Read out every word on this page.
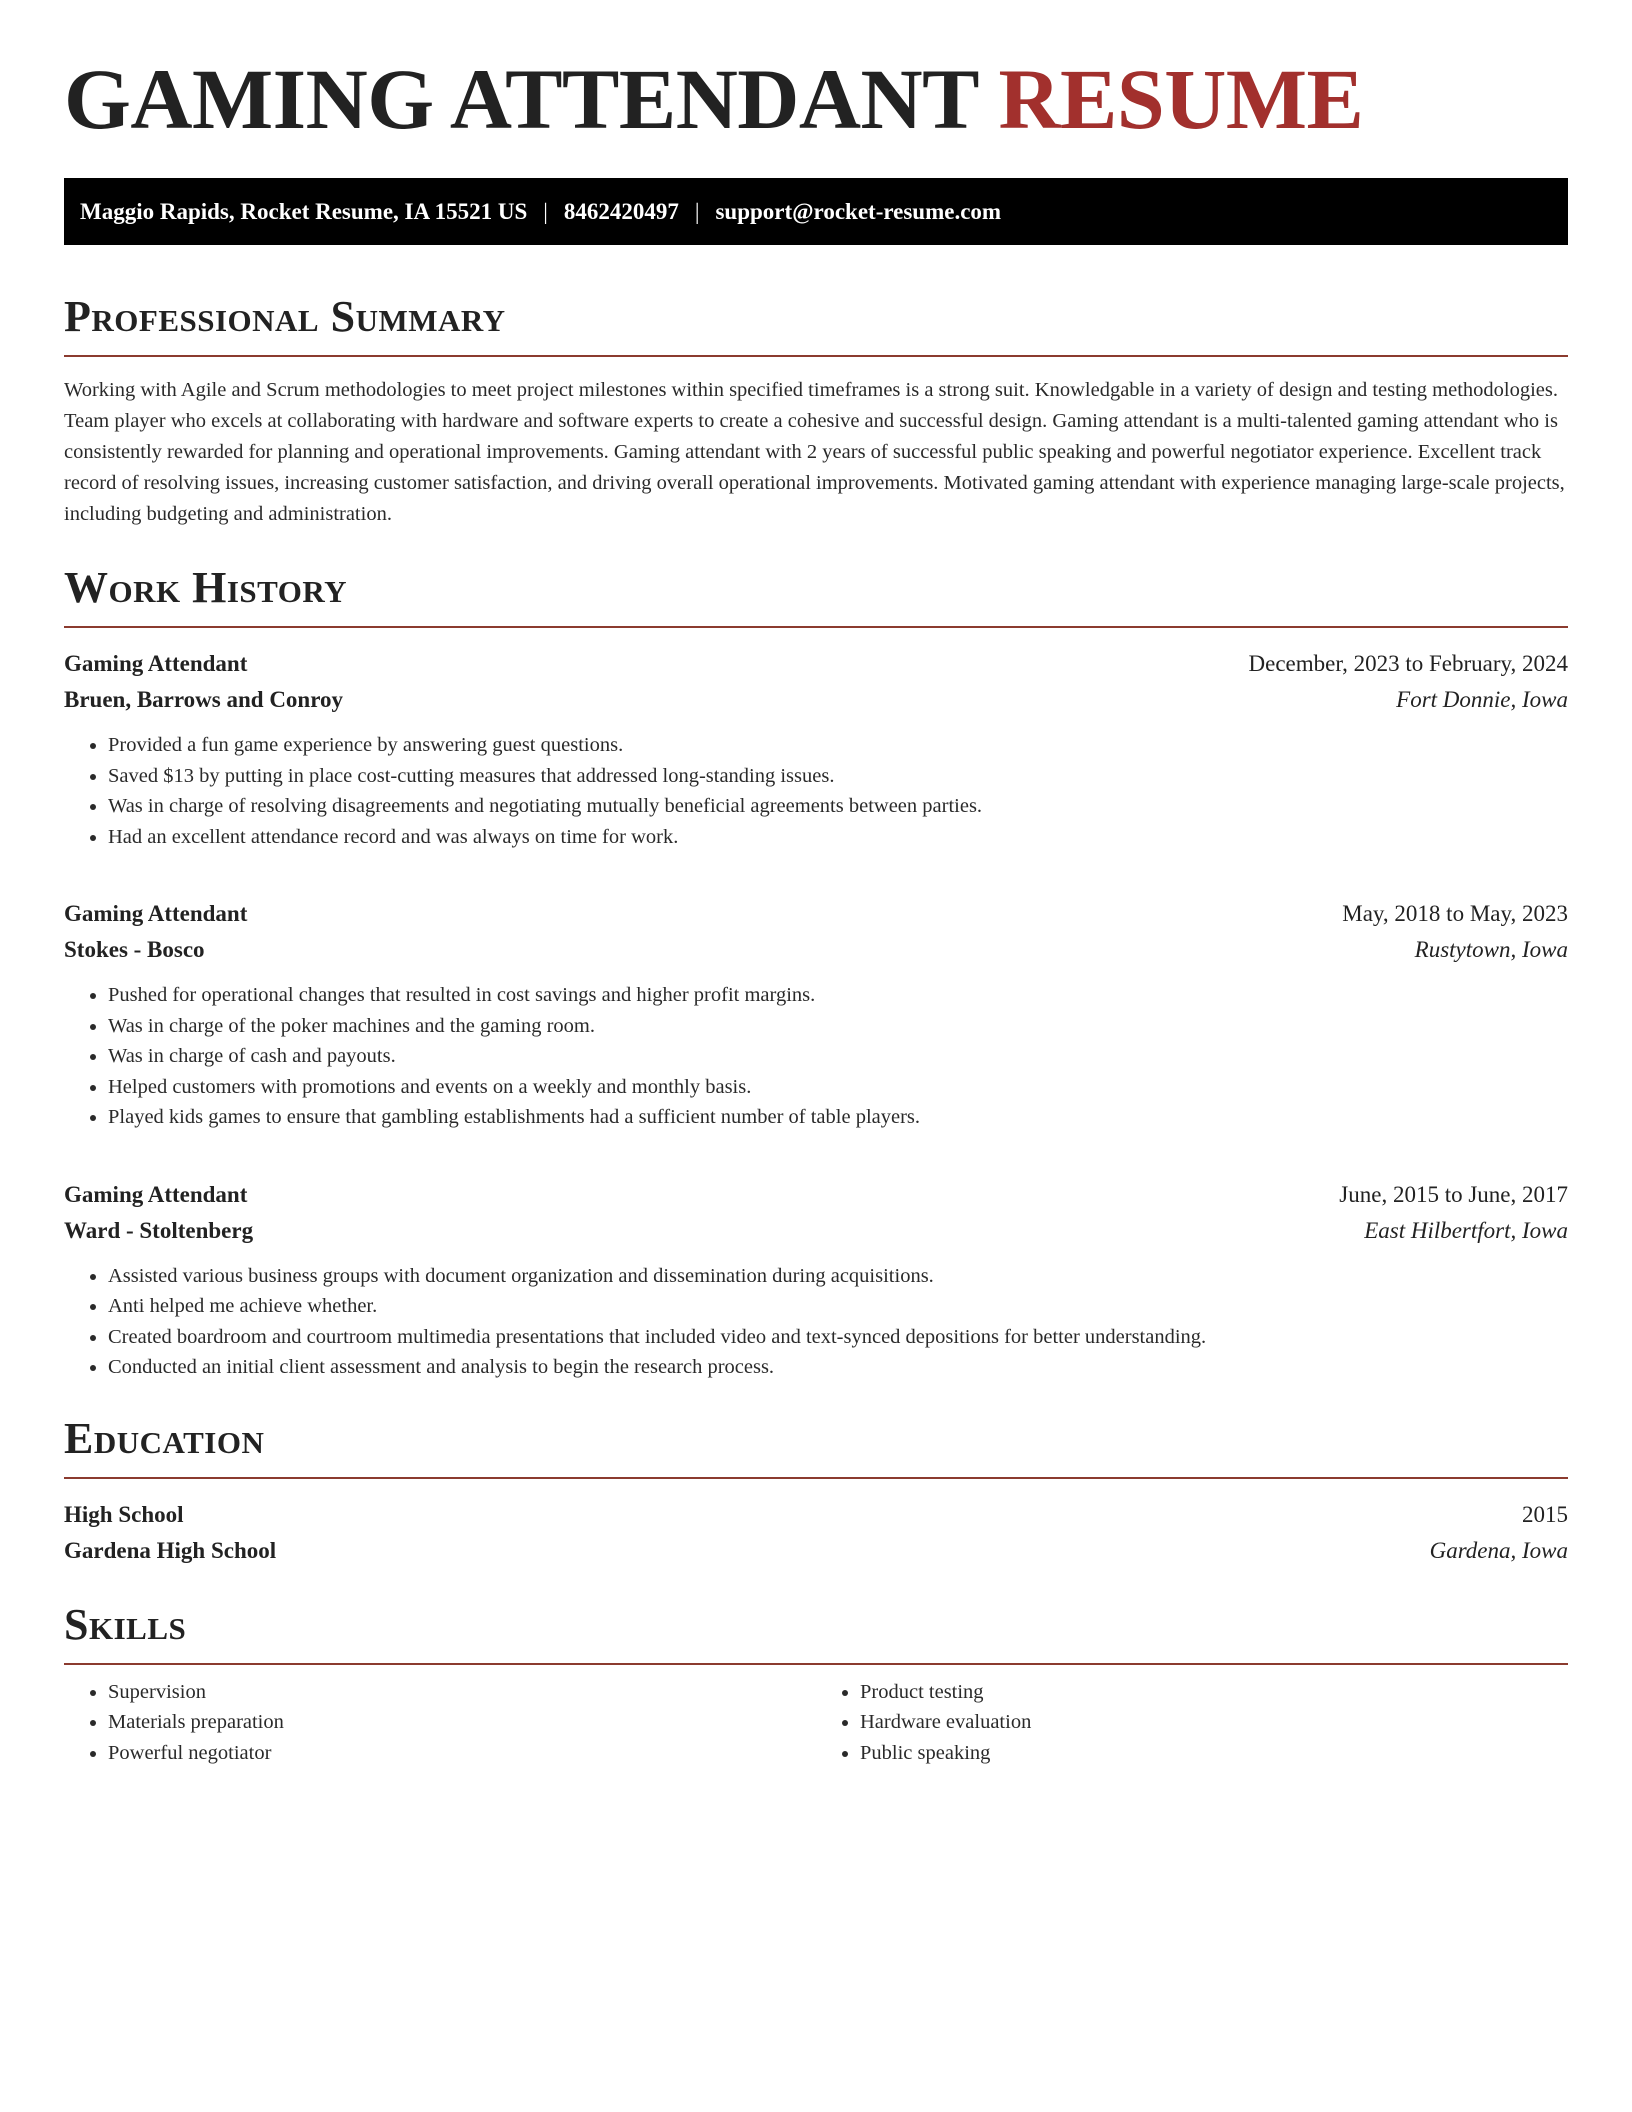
GAMING ATTENDANT RESUME
Maggio Rapids, Rocket Resume, IA 15521 US | 8462420497 | support@rocket-resume.com
Professional Summary

Working with Agile and Scrum methodologies to meet project milestones within specified timeframes is a strong suit. Knowledgable in a variety of design and testing methodologies. Team player who excels at collaborating with hardware and software experts to create a cohesive and successful design. Gaming attendant is a multi-talented gaming attendant who is consistently rewarded for planning and operational improvements. Gaming attendant with 2 years of successful public speaking and powerful negotiator experience. Excellent track record of resolving issues, increasing customer satisfaction, and driving overall operational improvements. Motivated gaming attendant with experience managing large-scale projects, including budgeting and administration.

Work History
Gaming Attendant	December, 2023 to February, 2024
Bruen, Barrows and Conroy	Fort Donnie, Iowa
• Provided a fun game experience by answering guest questions.
• Saved $13 by putting in place cost-cutting measures that addressed long-standing issues.
• Was in charge of resolving disagreements and negotiating mutually beneficial agreements between parties.
• Had an excellent attendance record and was always on time for work.
Gaming Attendant	May, 2018 to May, 2023
Stokes - Bosco	Rustytown, Iowa
• Pushed for operational changes that resulted in cost savings and higher profit margins.
• Was in charge of the poker machines and the gaming room.
• Was in charge of cash and payouts.
• Helped customers with promotions and events on a weekly and monthly basis.
• Played kids games to ensure that gambling establishments had a sufficient number of table players.
Gaming Attendant	June, 2015 to June, 2017
Ward - Stoltenberg	East Hilbertfort, Iowa
• Assisted various business groups with document organization and dissemination during acquisitions.
• Anti helped me achieve whether.
• Created boardroom and courtroom multimedia presentations that included video and text-synced depositions for better understanding.
• Conducted an initial client assessment and analysis to begin the research process.
Education
High School	2015
Gardena High School	Gardena, Iowa
Skills
• Supervision
• Materials preparation
• Powerful negotiator
• Product testing
• Hardware evaluation
• Public speaking
